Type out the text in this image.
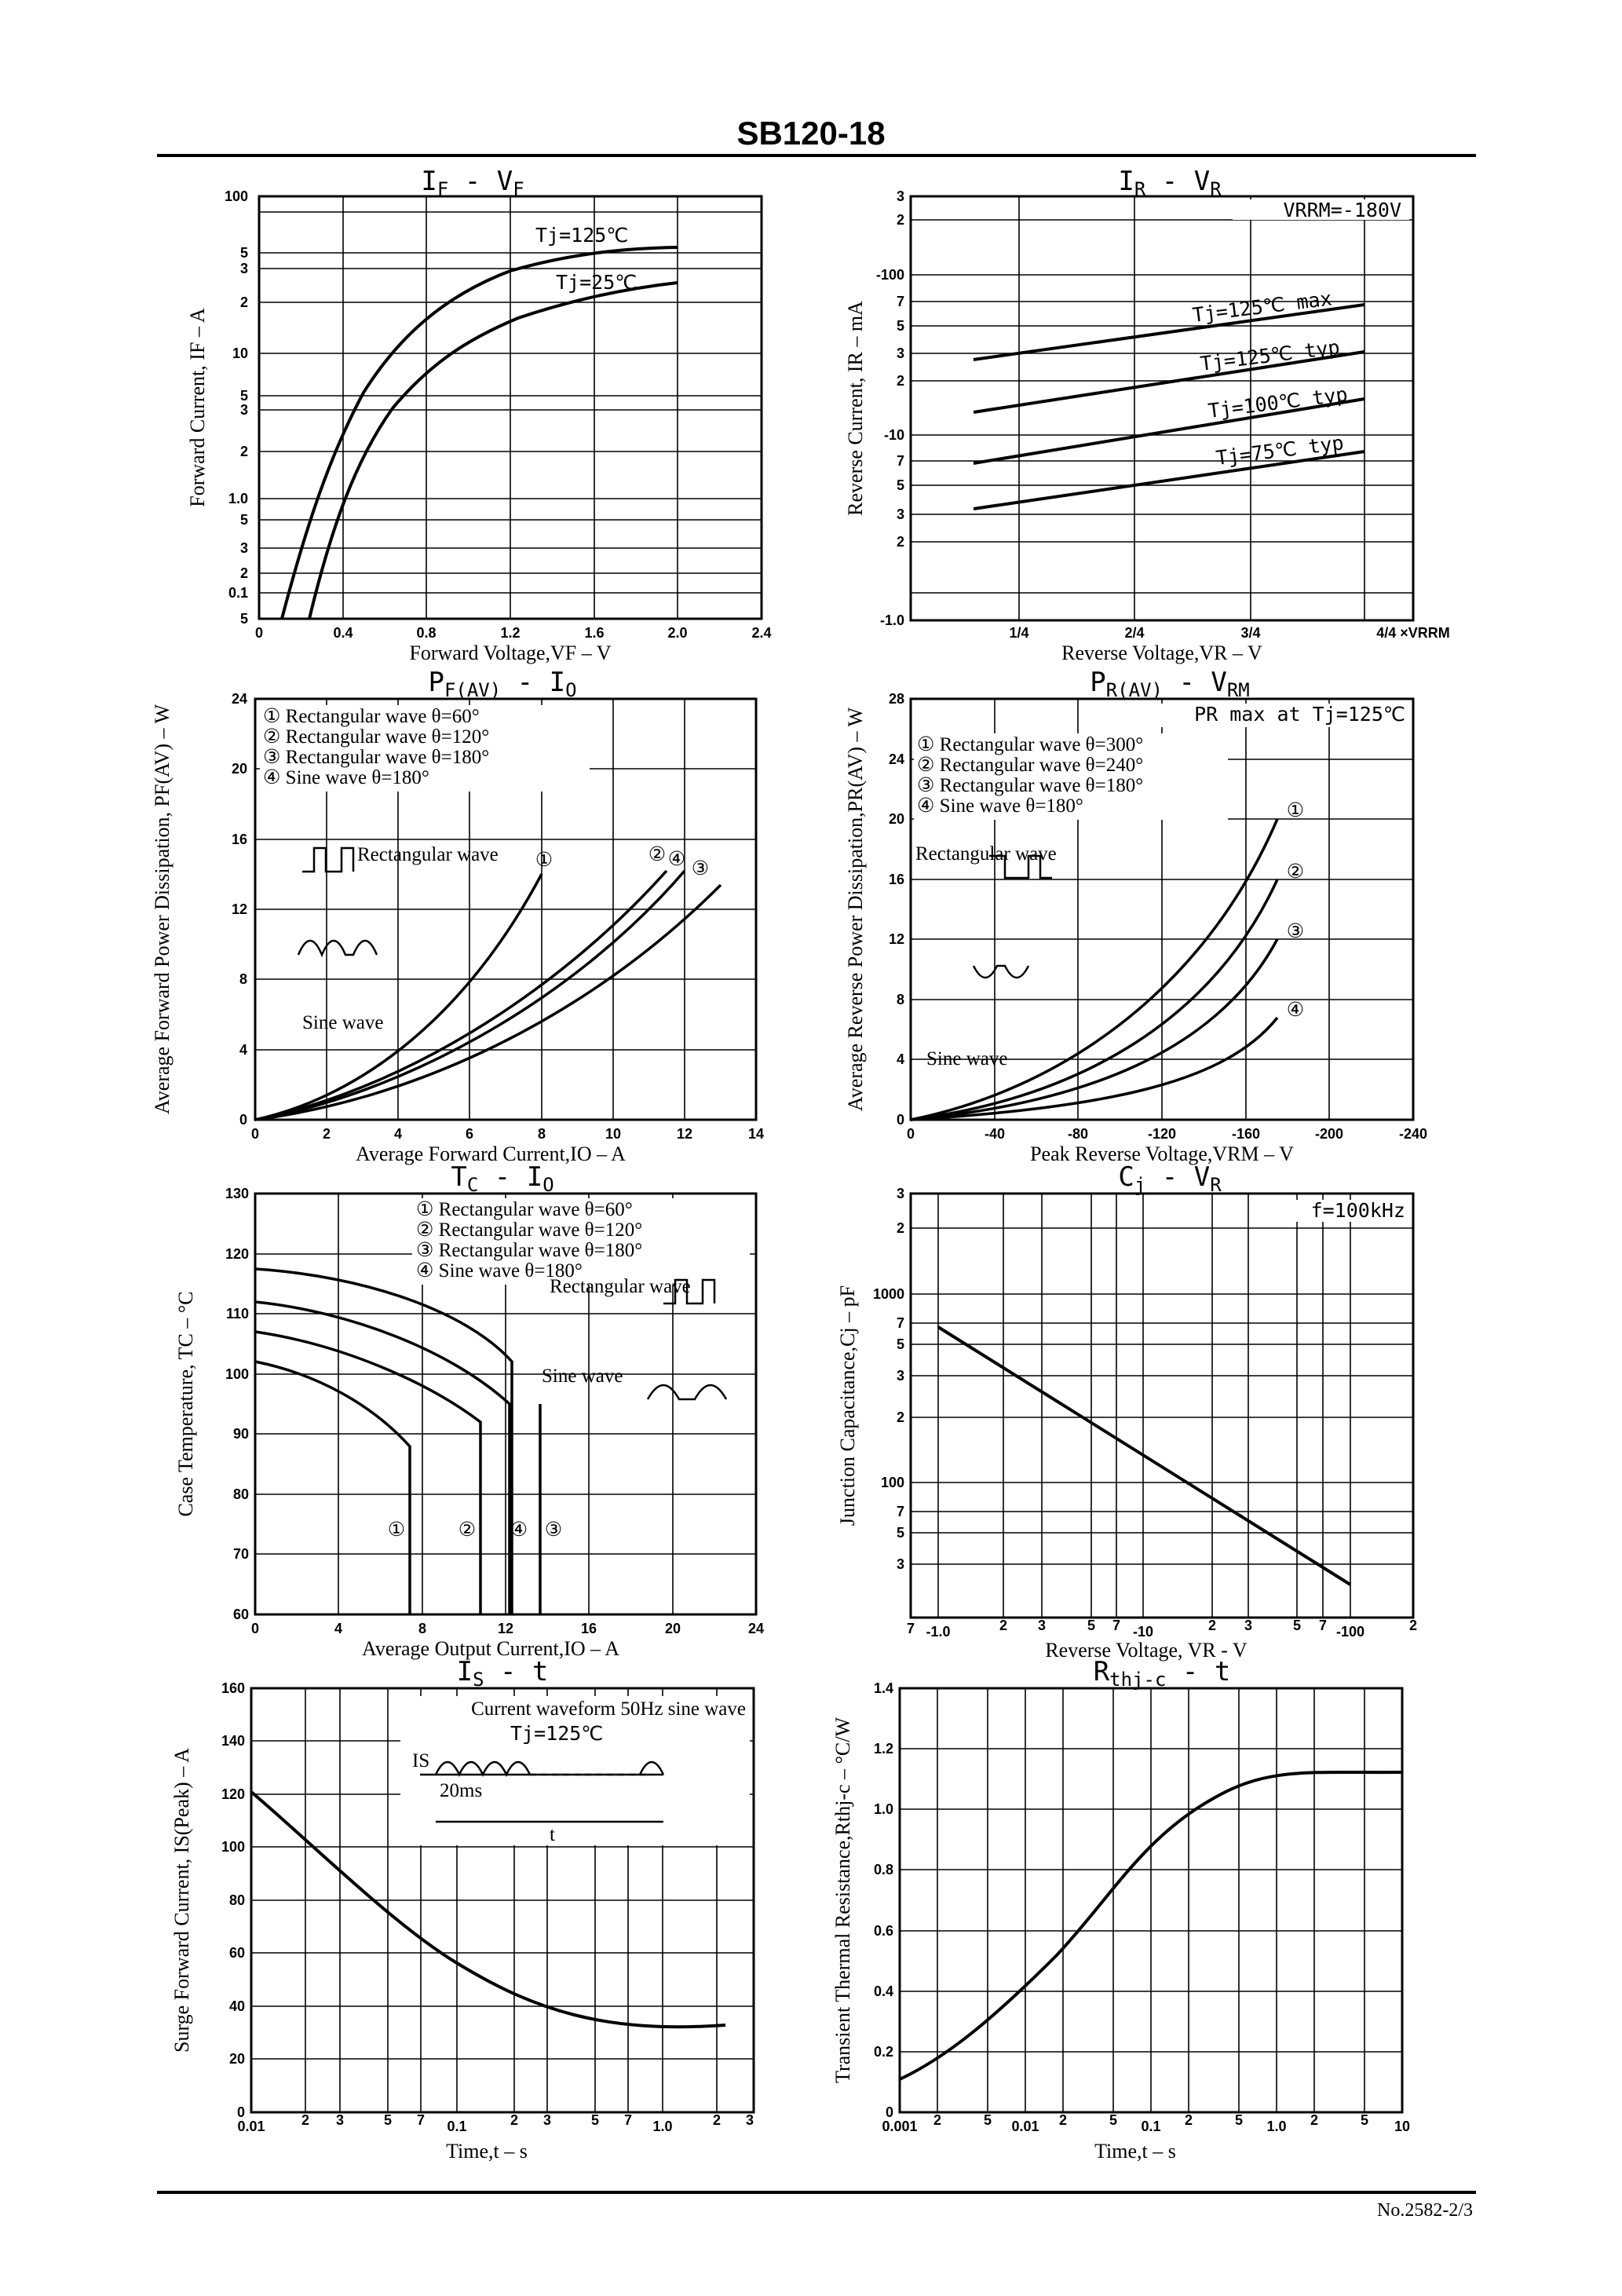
SB120-18
No.2582-2/3
$I_F - V_F$
Tj=125℃
Tj=25℃
100
5
3
2
10
5
3
2
1.0
5
3
2
0.1
5
0	0.4	0.8	1.2	1.6	2.0	2.4
Forward Voltage,VF – V
Forward Current, IF – A
$I_R - V_R$
VRRM=-180V
Tj=125℃ max
Tj=125℃ typ
Tj=100℃ typ
Tj=75℃ typ
3
2
-100
7
5
3
2
-10
7
5
3
2
-1.0
1/4	2/4	3/4	4/4 ×VRRM
Reverse Voltage,VR – V
Reverse Current, IR – mA
$P_{F(AV)} - I_O$
① Rectangular wave θ=60°
② Rectangular wave θ=120°
③ Rectangular wave θ=180°
④ Sine wave θ=180°
①	② ④ ③
Rectangular wave
Sine wave
0
4
8
12
16
20
24
0	2	4	6	8	10	12	14
Average Forward Current,IO – A
Average Forward Power Dissipation, PF(AV) – W
$P_{R(AV)} - V_{RM}$
PR max at Tj=125℃
① Rectangular wave θ=300°
② Rectangular wave θ=240°
③ Rectangular wave θ=180°
④ Sine wave θ=180°	①
②
③
④
Rectangular wave
Sine wave
0
4
8
12
16
20
24
28
0	-40	-80	-120	-160	-200	-240
Peak Reverse Voltage,VRM – V
Average Reverse Power Dissipation,PR(AV) – W
$T_C - I_O$
① Rectangular wave θ=60°
② Rectangular wave θ=120°
③ Rectangular wave θ=180°
④ Sine wave θ=180°
①	② ④ ③
Rectangular wave
Sine wave
60
70
80
90
100
110
120
130
0	4	8	12	16	20	24
Average Output Current,IO – A
Case Temperature, TC – °C
$C_j - V_R$
f=100kHz
3
2
1000
7
5
3
2
100
7
5
3
7 -1.0	2 3	5 7 -10	2 3	5 7 -100	2
Reverse Voltage, VR - V
Junction Capacitance,Cj – pF
$I_S$ - t
Current waveform 50Hz sine wave
Tj=125℃
IS
20ms
t
0
20
40
60
80
100
120
140
160
0.01	2 3	5 7 0.1	2 3	5 7 1.0	2 3
Time,t – s
Surge Forward Current, IS(Peak) – A
$R_{thj-c}$ - t
0
0.2
0.4
0.6
0.8
1.0
1.2
1.4
0.001 2	5 0.01 2	5 0.1 2	5 1.0 2	5 10
Time,t – s
Transient Thermal Resistance,Rthj-c – °C/W
